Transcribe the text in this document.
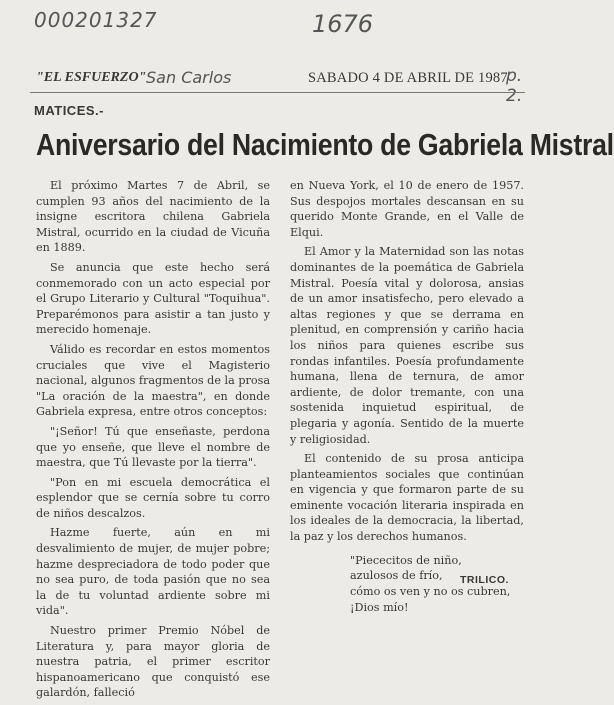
000201327	1676
"EL ESFUERZO" San Carlos	SABADO 4 DE ABRIL DE 1987
p. 2.
MATICES.-
Aniversario del Nacimiento de Gabriela Mistral

El próximo Martes 7 de Abril, se cumplen 93 años del nacimiento de la insigne escritora chilena Gabriela Mistral, ocurrido en la ciudad de Vicuña en 1889.

Se anuncia que este hecho será conmemorado con un acto especial por el Grupo Literario y Cultural "Toquihua". Preparémonos para asistir a tan justo y merecido homenaje.

Válido es recordar en estos momentos cruciales que vive el Magisterio nacional, algunos fragmentos de la prosa "La oración de la maestra", en donde Gabriela expresa, entre otros conceptos:

"¡Señor! Tú que enseñaste, perdona que yo enseñe, que lleve el nombre de maestra, que Tú llevaste por la tierra".

"Pon en mi escuela democrática el esplendor que se cernía sobre tu corro de niños descalzos.

Hazme fuerte, aún en mi desvalimiento de mujer, de mujer pobre; hazme despreciadora de todo poder que no sea puro, de toda pasión que no sea la de tu voluntad ardiente sobre mi vida".

Nuestro primer Premio Nóbel de Literatura y, para mayor gloria de nuestra patria, el primer escritor hispanoamericano que conquistó ese galardón, falleció

en Nueva York, el 10 de enero de 1957. Sus despojos mortales descansan en su querido Monte Grande, en el Valle de Elqui.

El Amor y la Maternidad son las notas dominantes de la poemática de Gabriela Mistral. Poesía vital y dolorosa, ansias de un amor insatisfecho, pero elevado a altas regiones y que se derrama en plenitud, en comprensión y cariño hacia los niños para quienes escribe sus rondas infantiles. Poesía profundamente humana, llena de ternura, de amor ardiente, de dolor tremante, con una sostenida inquietud espiritual, de plegaria y agonía. Sentido de la muerte y religiosidad.

El contenido de su prosa anticipa planteamientos sociales que continúan en vigencia y que formaron parte de su eminente vocación literaria inspirada en los ideales de la democracia, la libertad, la paz y los derechos humanos.

"Piececitos de niño,
azulosos de frío,
cómo os ven y no os cubren,
¡Dios mío!
TRILICO.
